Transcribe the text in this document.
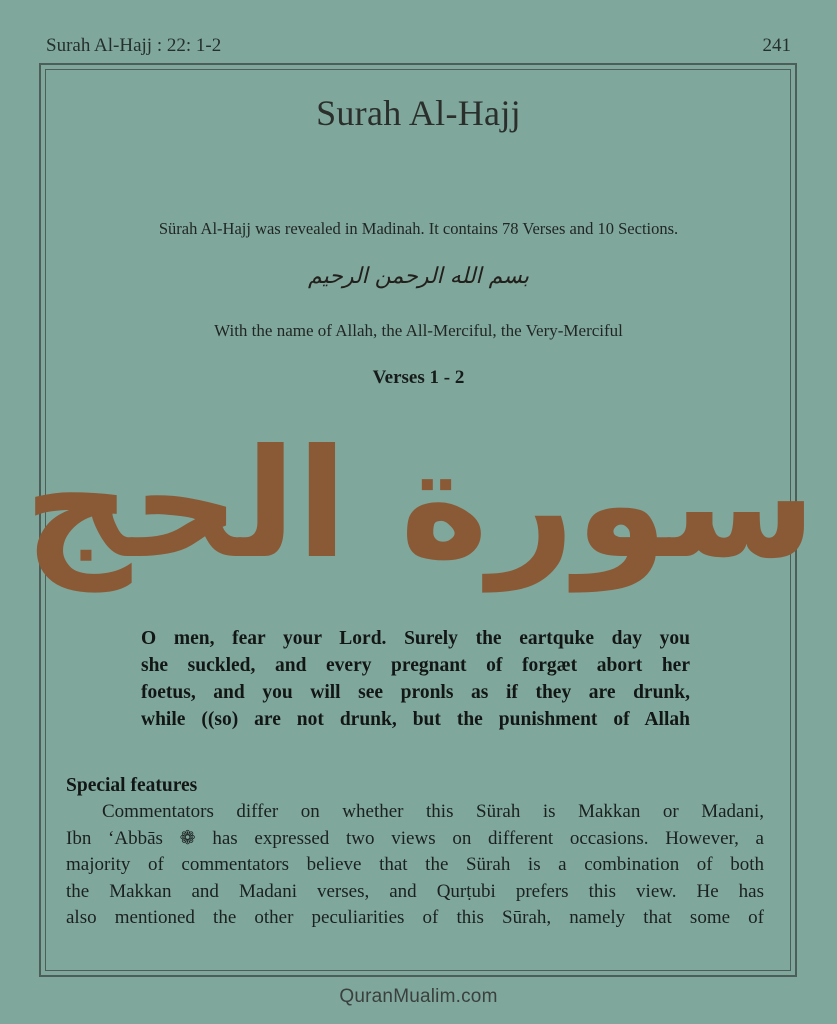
Surah Al-Hajj : 22: 1-2	241
Surah Al-Hajj
Sürah Al-Hajj was revealed in Madinah. It contains 78 Verses and 10 Sections.
بسم الله الرحمن الرحيم
With the name of Allah, the All-Merciful, the Very-Merciful
Verses 1 - 2
سورة الحج
O men, fear your Lord. Surely the eartquke day you
she suckled, and every pregnant of forgæt abort her
foetus, and you will see pronls as if they are drunk,
while ((so) are not drunk, but the punishment of Allah
Special features
Commentators differ on whether this Sürah is Makkan or Madani,
Ibn ‘Abbās ❁ has expressed two views on different occasions. However, a
majority of commentators believe that the Sürah is a combination of both
the Makkan and Madani verses, and Qurṭubi prefers this view. He has
also mentioned the other peculiarities of this Sūrah, namely that some of
QuranMualim.com
